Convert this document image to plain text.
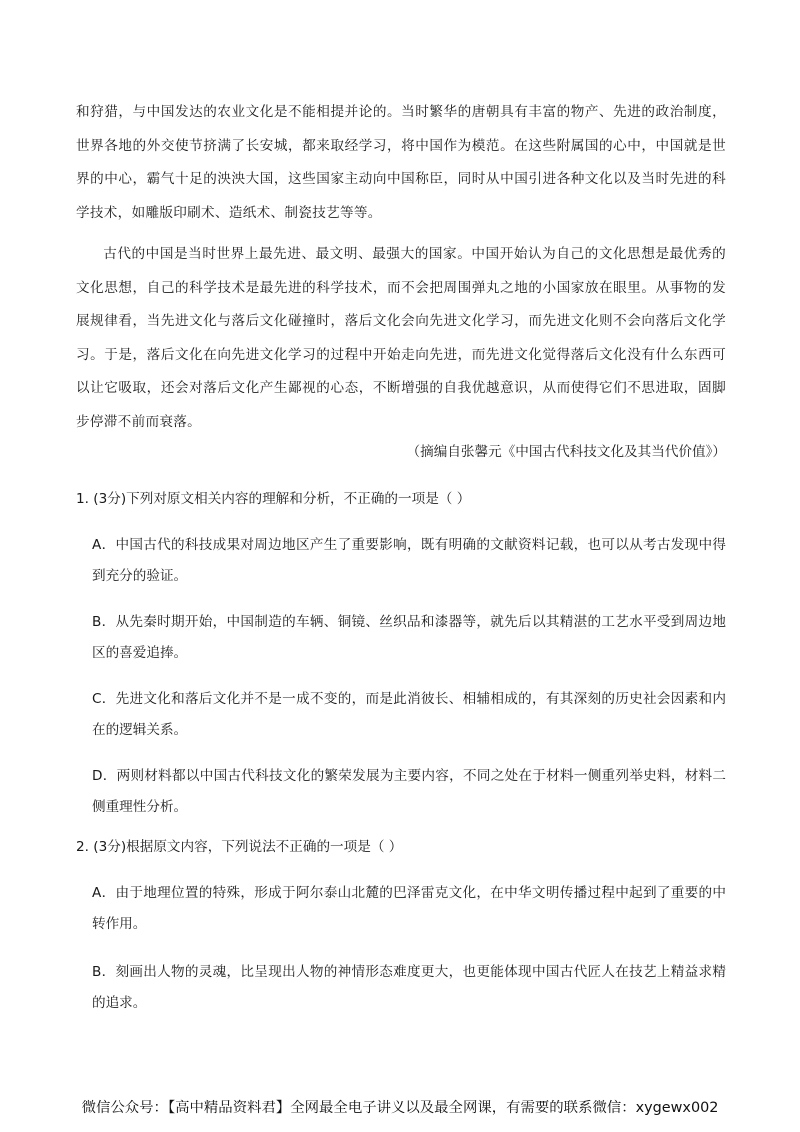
和狩猎，与中国发达的农业文化是不能相提并论的。当时繁华的唐朝具有丰富的物产、先进的政治制度，世界各地的外交使节挤满了长安城，都来取经学习，将中国作为模范。在这些附属国的心中，中国就是世界的中心，霸气十足的泱泱大国，这些国家主动向中国称臣，同时从中国引进各种文化以及当时先进的科学技术，如雕版印刷术、造纸术、制瓷技艺等等。

古代的中国是当时世界上最先进、最文明、最强大的国家。中国开始认为自己的文化思想是最优秀的文化思想，自己的科学技术是最先进的科学技术，而不会把周围弹丸之地的小国家放在眼里。从事物的发展规律看，当先进文化与落后文化碰撞时，落后文化会向先进文化学习，而先进文化则不会向落后文化学习。于是，落后文化在向先进文化学习的过程中开始走向先进，而先进文化觉得落后文化没有什么东西可以让它吸取，还会对落后文化产生鄙视的心态，不断增强的自我优越意识，从而使得它们不思进取，固脚步停滞不前而衰落。

（摘编自张馨元《中国古代科技文化及其当代价值》）
1. (3分)下列对原文相关内容的理解和分析，不正确的一项是（ ）
A．中国古代的科技成果对周边地区产生了重要影响，既有明确的文献资料记载，也可以从考古发现中得到充分的验证。
B．从先秦时期开始，中国制造的车辆、铜镜、丝织品和漆器等，就先后以其精湛的工艺水平受到周边地区的喜爱追捧。
C．先进文化和落后文化并不是一成不变的，而是此消彼长、相辅相成的，有其深刻的历史社会因素和内在的逻辑关系。
D．两则材料都以中国古代科技文化的繁荣发展为主要内容，不同之处在于材料一侧重列举史料，材料二侧重理性分析。
2. (3分)根据原文内容，下列说法不正确的一项是（ ）
A．由于地理位置的特殊，形成于阿尔泰山北麓的巴泽雷克文化，在中华文明传播过程中起到了重要的中转作用。
B．刻画出人物的灵魂，比呈现出人物的神情形态难度更大，也更能体现中国古代匠人在技艺上精益求精的追求。
微信公众号：【高中精品资料君】全网最全电子讲义以及最全网课，有需要的联系微信：xygewx002
